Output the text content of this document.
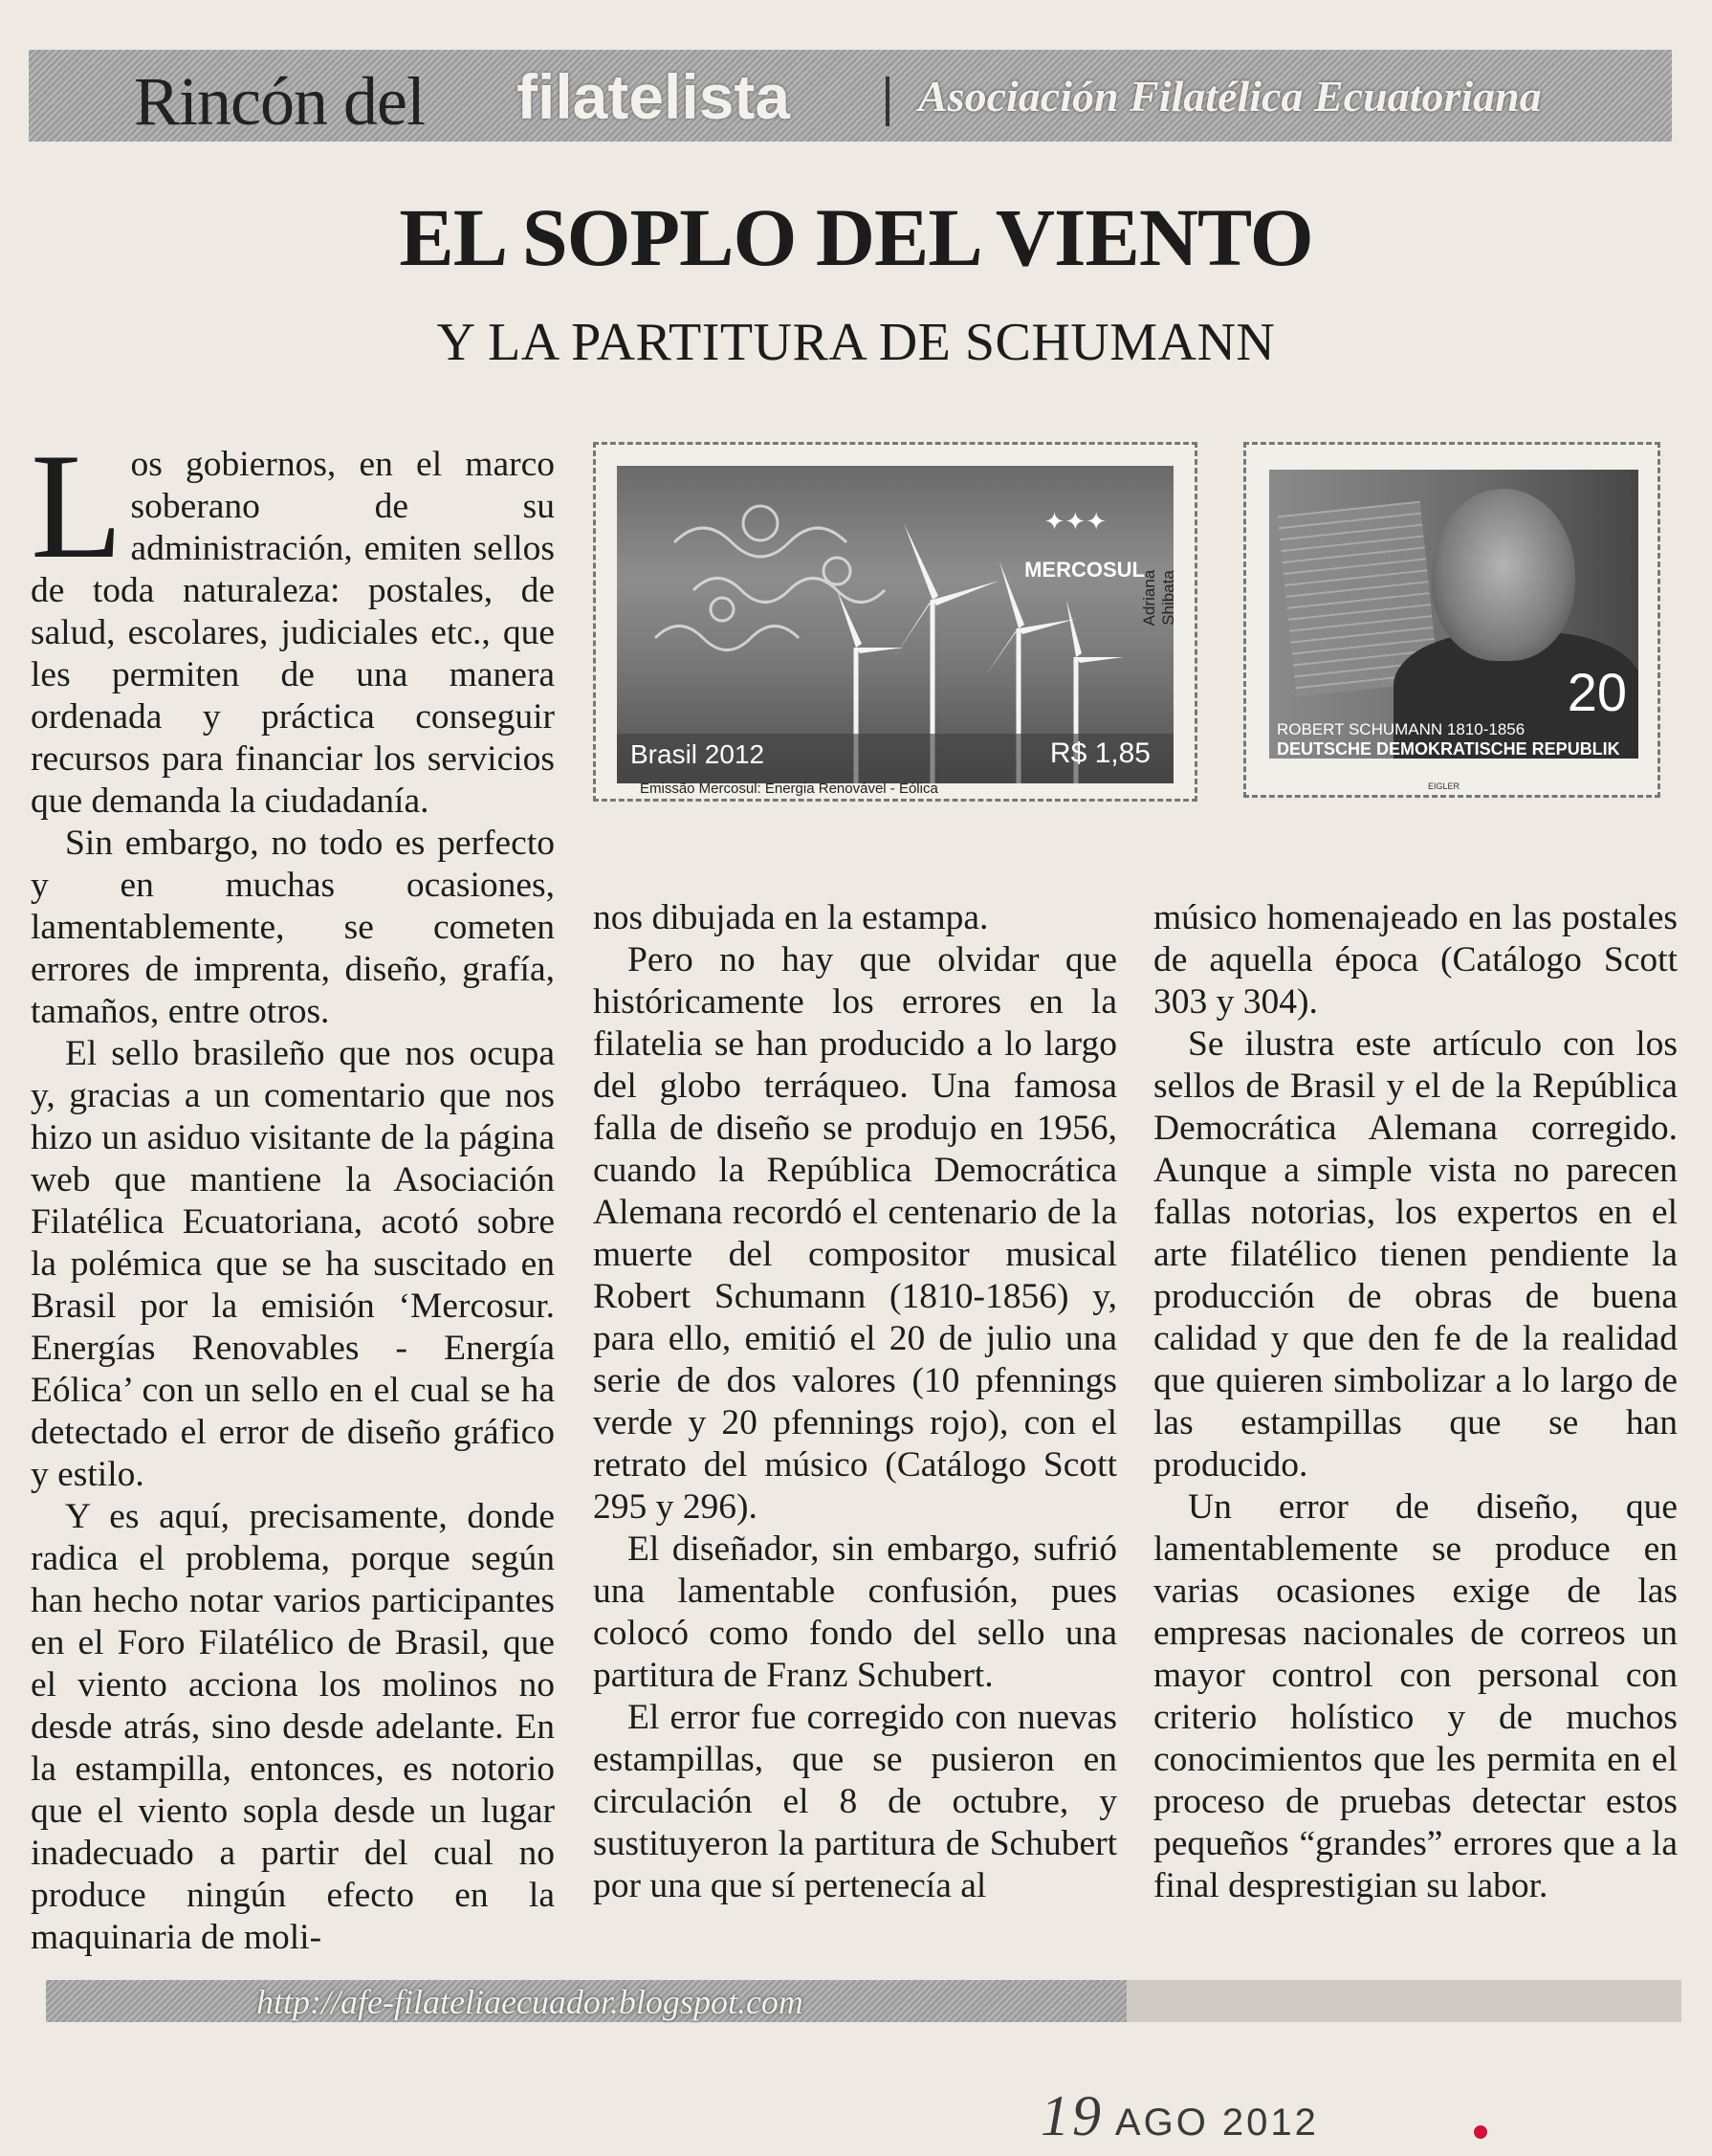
Rincón del filatelista	Asociación Filatélica Ecuatoriana
EL SOPLO DEL VIENTO
Y LA PARTITURA DE SCHUMANN
✦✦✦
MERCOSUL
Brasil 2012	R$ 1,85
Adriana Shibata
Emissão Mercosul: Energia Renovável - Eólica
20
ROBERT SCHUMANN 1810-1856
DEUTSCHE DEMOKRATISCHE REPUBLIK
EIGLER

Los gobiernos, en el marco soberano de su administración, emiten sellos de toda naturaleza: postales, de salud, escolares, judiciales etc., que les permiten de una manera ordenada y práctica conseguir recursos para financiar los servicios que demanda la ciudadanía.

Sin embargo, no todo es perfecto y en muchas ocasiones, lamentablemente, se cometen errores de imprenta, diseño, grafía, tamaños, entre otros.

El sello brasileño que nos ocupa y, gracias a un comentario que nos hizo un asiduo visitante de la página web que mantiene la Asociación Filatélica Ecuatoriana, acotó sobre la polémica que se ha suscitado en Brasil por la emisión ‘Mercosur. Energías Renovables - Energía Eólica’ con un sello en el cual se ha detectado el error de diseño gráfico y estilo.

Y es aquí, precisamente, donde radica el problema, porque según han hecho notar varios participantes en el Foro Filatélico de Brasil, que el viento acciona los molinos no desde atrás, sino desde adelante. En la estampilla, entonces, es notorio que el viento sopla desde un lugar inadecuado a partir del cual no produce ningún efecto en la maquinaria de moli-

nos dibujada en la estampa.

Pero no hay que olvidar que históricamente los errores en la filatelia se han producido a lo largo del globo terráqueo. Una famosa falla de diseño se produjo en 1956, cuando la República Democrática Alemana recordó el centenario de la muerte del compositor musical Robert Schumann (1810-1856) y, para ello, emitió el 20 de julio una serie de dos valores (10 pfennings verde y 20 pfennings rojo), con el retrato del músico (Catálogo Scott 295 y 296).

El diseñador, sin embargo, sufrió una lamentable confusión, pues colocó como fondo del sello una partitura de Franz Schubert.

El error fue corregido con nuevas estampillas, que se pusieron en circulación el 8 de octubre, y sustituyeron la partitura de Schubert por una que sí pertenecía al

músico homenajeado en las postales de aquella época (Catálogo Scott 303 y 304).

Se ilustra este artículo con los sellos de Brasil y el de la República Democrática Alemana corregido. Aunque a simple vista no parecen fallas notorias, los expertos en el arte filatélico tienen pendiente la producción de obras de buena calidad y que den fe de la realidad que quieren simbolizar a lo largo de las estampillas que se han producido.

Un error de diseño, que lamentablemente se produce en varias ocasiones exige de las empresas nacionales de correos un mayor control con personal con criterio holístico y de muchos conocimientos que les permita en el proceso de pruebas detectar estos pequeños “grandes” errores que a la final desprestigian su labor.

http://afe-filateliaecuador.blogspot.com
19 AGO 2012
